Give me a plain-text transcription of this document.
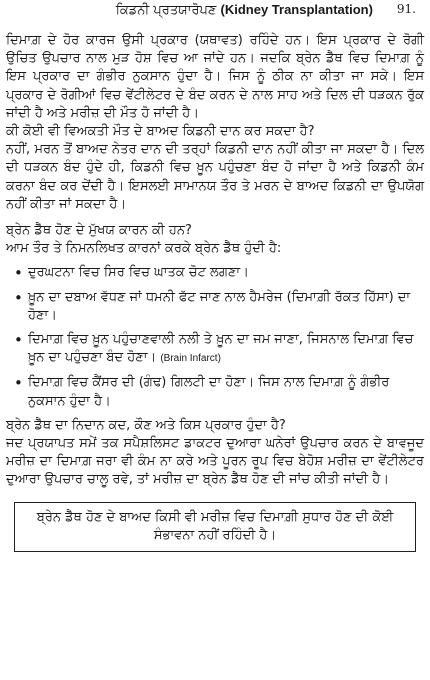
ਕਿਡਨੀ ਪ੍ਰਤਯਾਰੋਪਣ (Kidney Transplantation) 91.

ਦਿਮਾਗ਼ ਦੇ ਹੋਰ ਕਾਰਜ ਉਸੀ ਪ੍ਰਕਾਰ (ਯਥਾਵਤ) ਰਹਿੰਦੇ ਹਨ। ਇਸ ਪ੍ਰਕਾਰ ਦੇ ਰੋਗੀ ਉਚਿਤ ਉਪਚਾਰ ਨਾਲ ਮੁੜ ਹੋਸ਼ ਵਿਚ ਆ ਜਾਂਦੇ ਹਨ। ਜਦਕਿ ਬ੍ਰੇਨ ਡੈੱਥ ਵਿਚ ਦਿਮਾਗ਼ ਨੂੰ ਇਸ ਪ੍ਰਕਾਰ ਦਾ ਗੰਭੀਰ ਨੁਕਸਾਨ ਹੁੰਦਾ ਹੈ। ਜਿਸ ਨੂੰ ਠੀਕ ਨਾ ਕੀਤਾ ਜਾ ਸਕੇ। ਇਸ ਪ੍ਰਕਾਰ ਦੇ ਰੋਗੀਆਂ ਵਿਚ ਵੇਂਟੀਲੇਟਰ ਦੇ ਬੰਦ ਕਰਨ ਦੇ ਨਾਲ ਸਾਹ ਅਤੇ ਦਿਲ ਦੀ ਧੜਕਨ ਰੁੱਕ ਜਾਂਦੀ ਹੈ ਅਤੇ ਮਰੀਜ਼ ਦੀ ਮੌਤ ਹੋ ਜਾਂਦੀ ਹੈ।

ਕੀ ਕੋਈ ਵੀ ਵਿਅਕਤੀ ਮੌਤ ਦੇ ਬਾਅਦ ਕਿਡਨੀ ਦਾਨ ਕਰ ਸਕਦਾ ਹੈ?

ਨਹੀਂ, ਮਰਨ ਤੋਂ ਬਾਅਦ ਨੇਤਰ ਦਾਨ ਦੀ ਤਰ੍ਹਾਂ ਕਿਡਨੀ ਦਾਨ ਨਹੀਂ ਕੀਤਾ ਜਾ ਸਕਦਾ ਹੈ। ਦਿਲ ਦੀ ਧੜਕਨ ਬੰਦ ਹੁੰਦੇ ਹੀ, ਕਿਡਨੀ ਵਿਚ ਖ਼ੂਨ ਪਹੁੰਚਣਾ ਬੰਦ ਹੋ ਜਾਂਦਾ ਹੈ ਅਤੇ ਕਿਡਨੀ ਕੰਮ ਕਰਨਾ ਬੰਦ ਕਰ ਦੇਂਦੀ ਹੈ। ਇਸਲਈ ਸਾਮਾਨਯ ਤੌਰ ਤੇ ਮਰਨ ਦੇ ਬਾਅਦ ਕਿਡਨੀ ਦਾ ਉਪਯੋਗ ਨਹੀਂ ਕੀਤਾ ਜਾਂ ਸਕਦਾ ਹੈ।

ਬ੍ਰੇਨ ਡੈੱਥ ਹੋਣ ਦੇ ਮੁੱਖਯ ਕਾਰਨ ਕੀ ਹਨ?

ਆਮ ਤੌਰ ਤੇ ਨਿਮਨਲਿਖਤ ਕਾਰਨਾਂ ਕਰਕੇ ਬ੍ਰੇਨ ਡੈੱਥ ਹੁੰਦੀ ਹੈ:

• ਦੁਰਘਟਨਾ ਵਿਚ ਸਿਰ ਵਿਚ ਘਾਤਕ ਚੋਟ ਲਗਣਾ।
• ਖ਼ੂਨ ਦਾ ਦਬਾਅ ਵੱਧਣ ਜਾਂ ਧਮਨੀ ਫੱਟ ਜਾਣ ਨਾਲ ਹੈਮਰੇਜ (ਦਿਮਾਗ਼ੀ ਰੱਕਤ ਹਿੱਸਾ) ਦਾ ਹੋਣਾ।
• ਦਿਮਾਗ਼ ਵਿਚ ਖ਼ੂਨ ਪਹੁੰਚਾਣਵਾਲੀ ਨਲੀ ਤੇ ਖ਼ੂਨ ਦਾ ਜਮ ਜਾਣਾ, ਜਿਸਨਾਲ ਦਿਮਾਗ਼ ਵਿਚ ਖ਼ੂਨ ਦਾ ਪਹੁੰਚਣਾ ਬੰਦ ਹੋਣਾ। (Brain Infarct)
• ਦਿਮਾਗ਼ ਵਿਚ ਕੈਂਸਰ ਦੀ (ਗੰਢ) ਗਿਲਟੀ ਦਾ ਹੋਣਾ। ਜਿਸ ਨਾਲ ਦਿਮਾਗ਼ ਨੂੰ ਗੰਭੀਰ ਨੁਕਸਾਨ ਹੁੰਦਾ ਹੈ।

ਬ੍ਰੇਨ ਡੈੱਥ ਦਾ ਨਿਦਾਨ ਕਦ, ਕੌਣ ਅਤੇ ਕਿਸ ਪ੍ਰਕਾਰ ਹੁੰਦਾ ਹੈ?

ਜਦ ਪ੍ਰਯਾਪਤ ਸਮੇਂ ਤਕ ਸਪੈਸ਼ਲਿਸਟ ਡਾਕਟਰ ਦੁਆਰਾ ਘਨੇਰਾਂ ਉਪਚਾਰ ਕਰਨ ਦੇ ਬਾਵਜੂਦ ਮਰੀਜ਼ ਦਾ ਦਿਮਾਗ਼ ਜਰਾ ਵੀ ਕੰਮ ਨਾ ਕਰੇ ਅਤੇ ਪੂਰਨ ਰੂਪ ਵਿਚ ਬੇਹੋਸ਼ ਮਰੀਜ਼ ਦਾ ਵੇਂਟੀਲੇਟਰ ਦੁਆਰਾ ਉਪਚਾਰ ਚਾਲੂ ਰਵੇ, ਤਾਂ ਮਰੀਜ਼ ਦਾ ਬ੍ਰੇਨ ਡੈੱਥ ਹੋਣ ਦੀ ਜਾਂਚ ਕੀਤੀ ਜਾਂਦੀ ਹੈ।

ਬ੍ਰੇਨ ਡੈੱਥ ਹੋਣ ਦੇ ਬਾਅਦ ਕਿਸੀ ਵੀ ਮਰੀਜ਼ ਵਿਚ ਦਿਮਾਗ਼ੀ ਸੁਧਾਰ ਹੋਣ ਦੀ ਕੋਈ ਸੰਭਾਵਨਾ ਨਹੀਂ ਰਹਿੰਦੀ ਹੈ।
